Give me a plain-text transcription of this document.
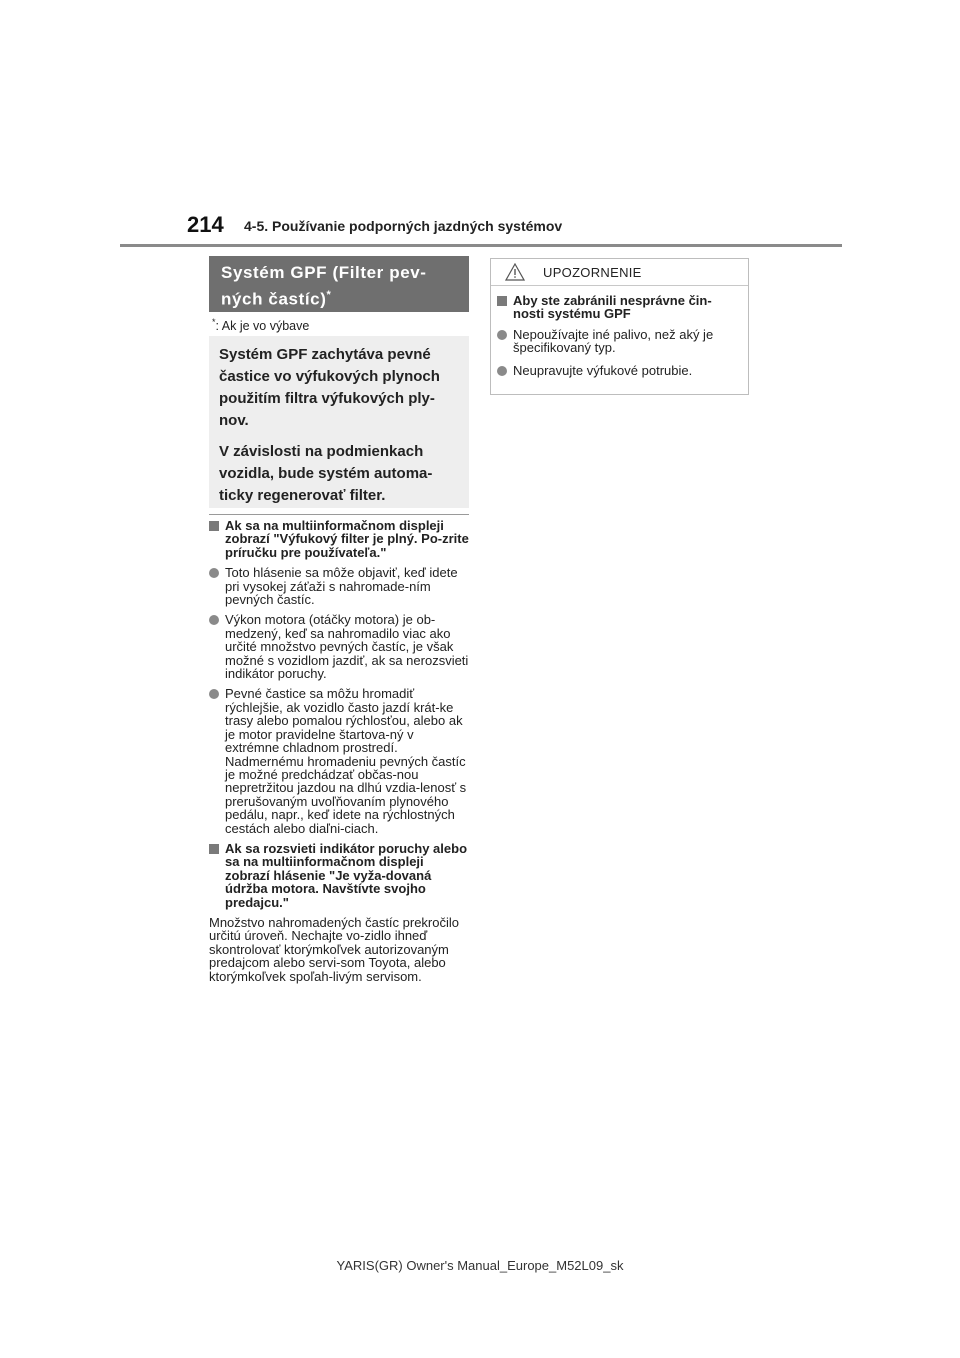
214 4-5. Používanie podporných jazdných systémov
Systém GPF (Filter pev-
ných častíc)*
*: Ak je vo výbave

Systém GPF zachytáva pevné častice vo výfukových plynoch použitím filtra výfukových ply-nov.

V závislosti na podmienkach vozidla, bude systém automa-ticky regenerovať filter.

Ak sa na multiinformačnom displeji zobrazí "Výfukový filter je plný. Po-zrite príručku pre používateľa."
Toto hlásenie sa môže objaviť, keď idete pri vysokej záťaži s nahromade-ním pevných častíc.
Výkon motora (otáčky motora) je ob-medzený, keď sa nahromadilo viac ako určité množstvo pevných častíc, je však možné s vozidlom jazdiť, ak sa nerozsvieti indikátor poruchy.
Pevné častice sa môžu hromadiť rýchlejšie, ak vozidlo často jazdí krát-ke trasy alebo pomalou rýchlosťou, alebo ak je motor pravidelne štartova-ný v extrémne chladnom prostredí. Nadmernému hromadeniu pevných častíc je možné predchádzať občas-nou nepretržitou jazdou na dlhú vzdia-lenosť s prerušovaným uvoľňovaním plynového pedálu, napr., keď idete na rýchlostných cestách alebo diaľni-ciach.
Ak sa rozsvieti indikátor poruchy alebo sa na multiinformačnom displeji zobrazí hlásenie "Je vyža-dovaná údržba motora. Navštívte svojho predajcu."

Množstvo nahromadených častíc prekročilo určitú úroveň. Nechajte vo-zidlo ihneď skontrolovať ktorýmkoľvek autorizovaným predajcom alebo servi-som Toyota, alebo ktorýmkoľvek spoľah-livým servisom.

UPOZORNENIE
Aby ste zabránili nesprávne čin-nosti systému GPF
Nepoužívajte iné palivo, než aký je špecifikovaný typ.
Neupravujte výfukové potrubie.
YARIS(GR) Owner's Manual_Europe_M52L09_sk
